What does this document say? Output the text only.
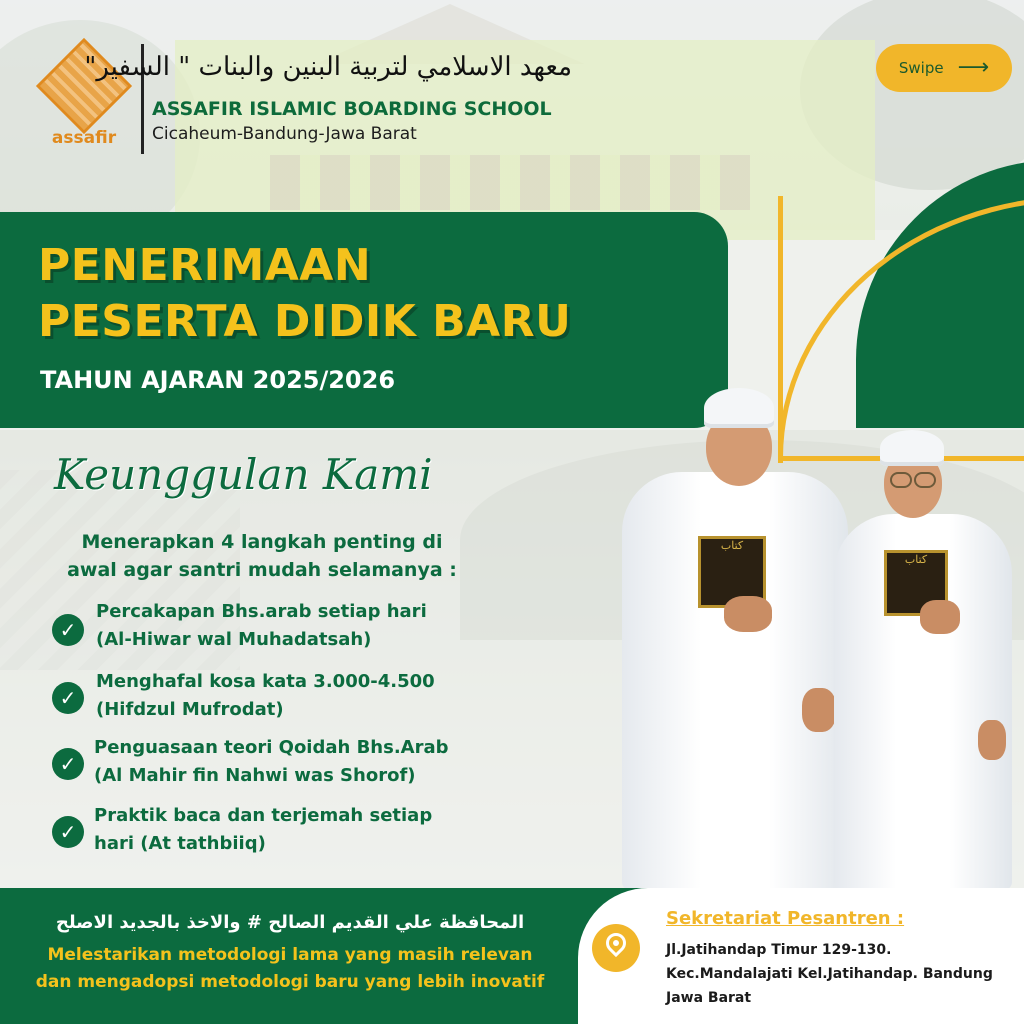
assafir
معهد الاسلامي لتربية البنين والبنات " السفير"
ASSAFIR ISLAMIC BOARDING SCHOOL
Cicaheum-Bandung-Jawa Barat
Swipe ⟶
PENERIMAAN
PESERTA DIDIK BARU
TAHUN AJARAN 2025/2026
Keunggulan Kami
Menerapkan 4 langkah penting di
awal agar santri mudah selamanya :
✓
Percakapan Bhs.arab setiap hari
(Al-Hiwar wal Muhadatsah)
✓
Menghafal kosa kata 3.000-4.500
(Hifdzul Mufrodat)
✓
Penguasaan teori Qoidah Bhs.Arab
(Al Mahir fin Nahwi was Shorof)
✓
Praktik baca dan terjemah setiap
hari (At tathbiiq)
كتاب
كتاب
المحافظة علي القديم الصالح # والاخذ بالجديد الاصلح
Melestarikan metodologi lama yang masih relevan
dan mengadopsi metodologi baru yang lebih inovatif
Sekretariat Pesantren :
Jl.Jatihandap Timur 129-130.
Kec.Mandalajati Kel.Jatihandap. Bandung
Jawa Barat
